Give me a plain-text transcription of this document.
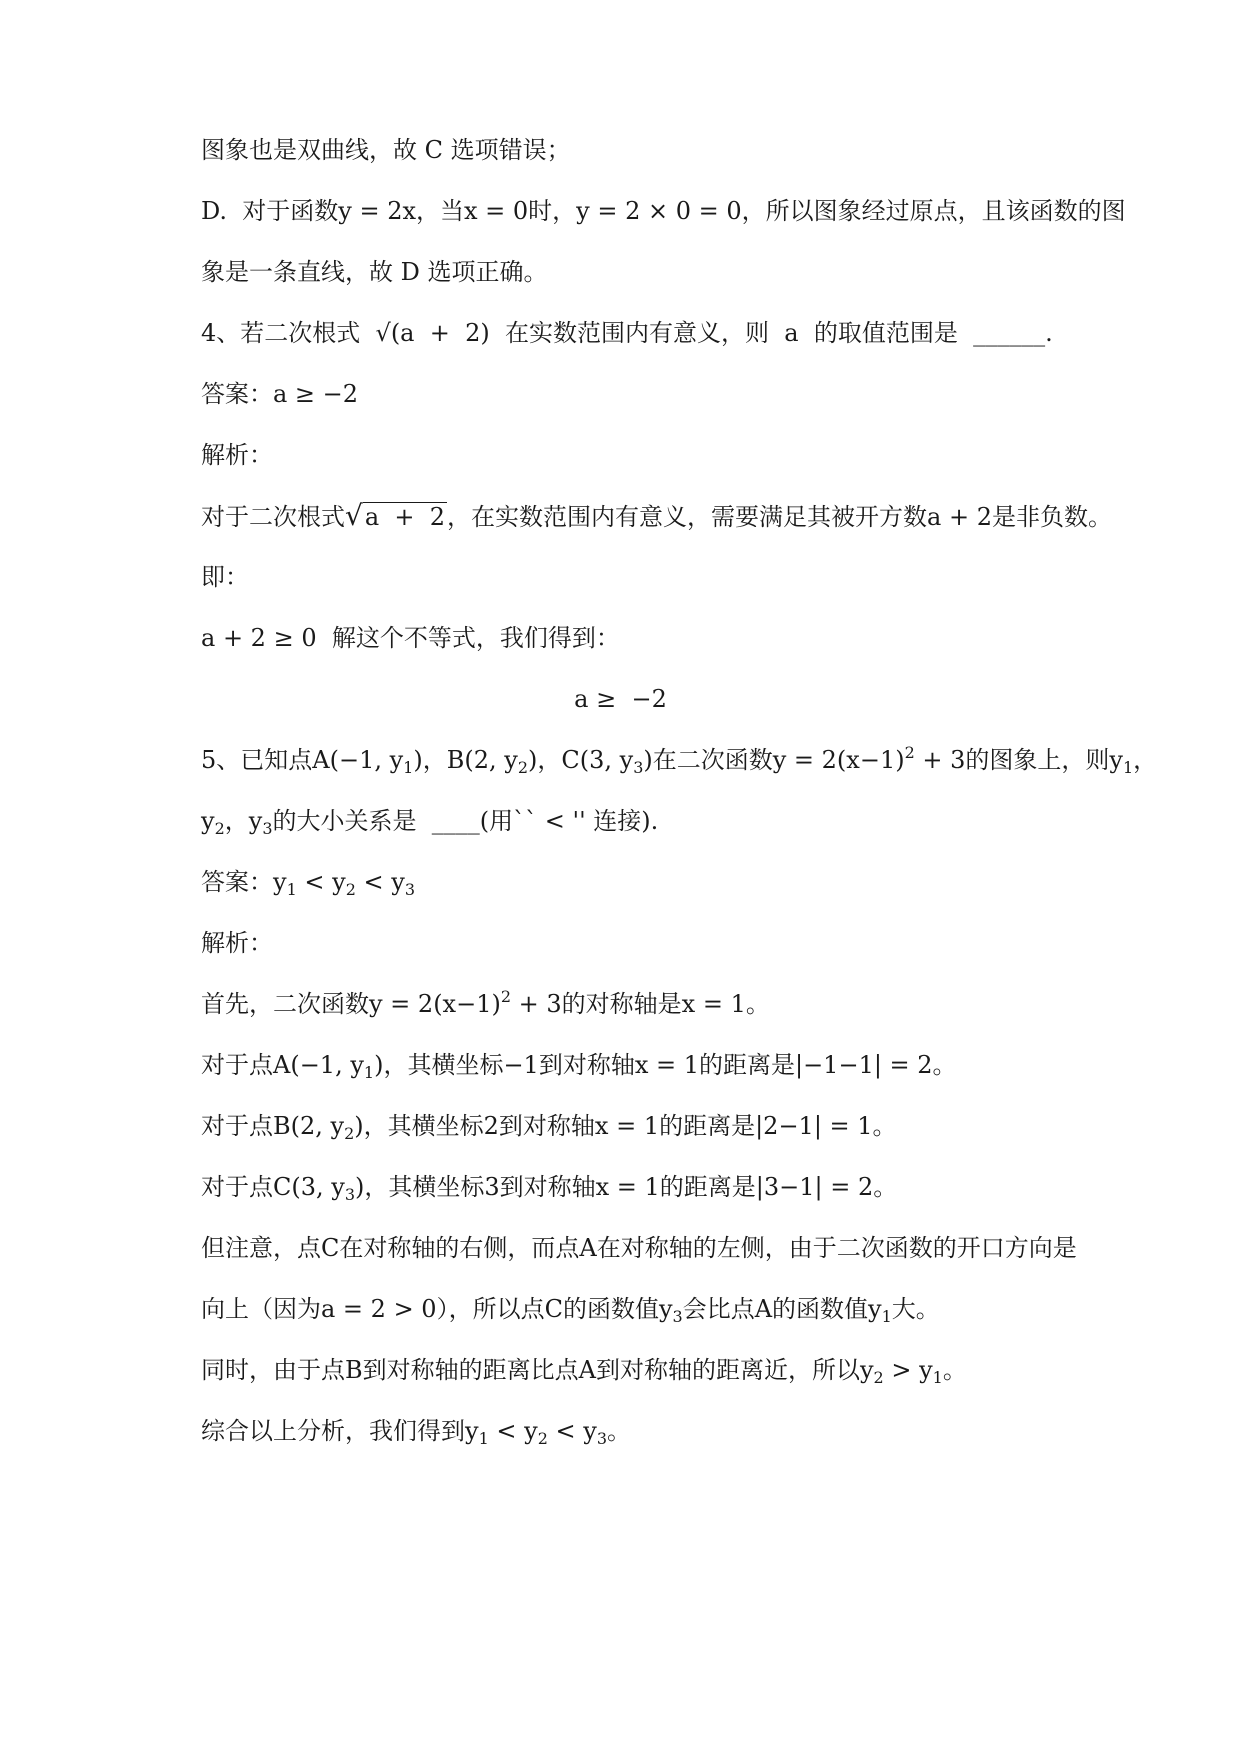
图象也是双曲线，故 C 选项错误；
D.  对于函数y = 2x，当x = 0时，y = 2 × 0 = 0，所以图象经过原点，且该函数的图
象是一条直线，故 D 选项正确。
4、若二次根式  √(a  +  2)  在实数范围内有意义，则  a  的取值范围是  ______.
答案：a ≥ −2
解析：
对于二次根式√a  +  2，在实数范围内有意义，需要满足其被开方数a + 2是非负数。
即：
a + 2 ≥ 0  解这个不等式，我们得到：
a ≥  −2
5、已知点A(−1, $y_1$)，B(2, $y_2$)，C(3, $y_3$)在二次函数$y = 2(x-1)^2 + 3$的图象上，则$y_1$，
$y_2$，$y_3$的大小关系是  ____(用`` < '' 连接).
答案：$y_1 < y_2 < y_3$
解析：
首先，二次函数$y = 2(x-1)^2 + 3$的对称轴是x = 1。
对于点A(−1, $y_1$)，其横坐标−1到对称轴x = 1的距离是|−1−1| = 2。
对于点B(2, $y_2$)，其横坐标2到对称轴x = 1的距离是|2−1| = 1。
对于点C(3, $y_3$)，其横坐标3到对称轴x = 1的距离是|3−1| = 2。
但注意，点C在对称轴的右侧，而点A在对称轴的左侧，由于二次函数的开口方向是
向上（因为a = 2 > 0），所以点C的函数值$y_3$会比点A的函数值$y_1$大。
同时，由于点B到对称轴的距离比点A到对称轴的距离近，所以$y_2 > y_1$。
综合以上分析，我们得到$y_1 < y_2 < y_3$。
